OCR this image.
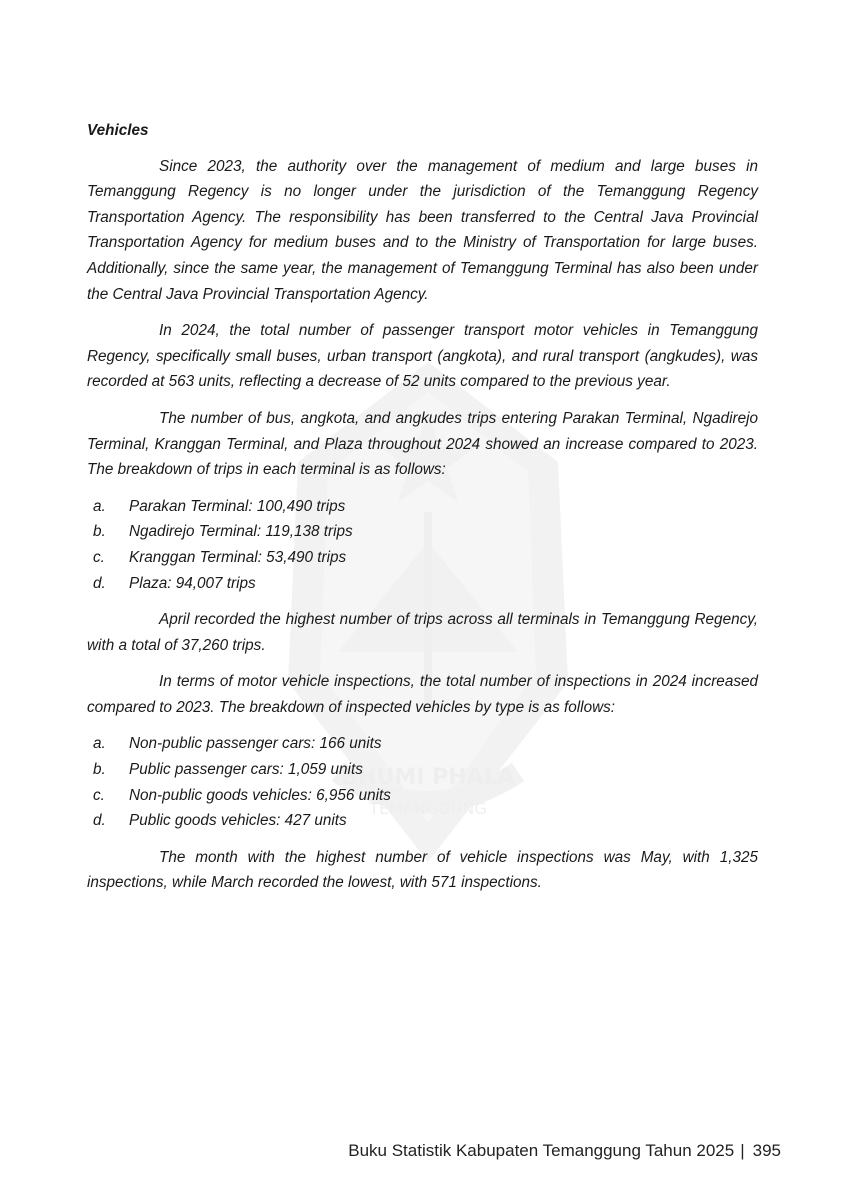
BHUMI PHALA
TEMANGGUNG
Vehicles

Since 2023, the authority over the management of medium and large buses in Temanggung Regency is no longer under the jurisdiction of the Temanggung Regency Transportation Agency. The responsibility has been transferred to the Central Java Provincial Transportation Agency for medium buses and to the Ministry of Transportation for large buses. Additionally, since the same year, the management of Temanggung Terminal has also been under the Central Java Provincial Transportation Agency.

In 2024, the total number of passenger transport motor vehicles in Temanggung Regency, specifically small buses, urban transport (angkota), and rural transport (angkudes), was recorded at 563 units, reflecting a decrease of 52 units compared to the previous year.

The number of bus, angkota, and angkudes trips entering Parakan Terminal, Ngadirejo Terminal, Kranggan Terminal, and Plaza throughout 2024 showed an increase compared to 2023. The breakdown of trips in each terminal is as follows:

a.	Parakan Terminal: 100,490 trips
b.	Ngadirejo Terminal: 119,138 trips
c.	Kranggan Terminal: 53,490 trips
d.	Plaza: 94,007 trips

April recorded the highest number of trips across all terminals in Temanggung Regency, with a total of 37,260 trips.

In terms of motor vehicle inspections, the total number of inspections in 2024 increased compared to 2023. The breakdown of inspected vehicles by type is as follows:

a.	Non-public passenger cars: 166 units
b.	Public passenger cars: 1,059 units
c.	Non-public goods vehicles: 6,956 units
d.	Public goods vehicles: 427 units

The month with the highest number of vehicle inspections was May, with 1,325 inspections, while March recorded the lowest, with 571 inspections.

Buku Statistik Kabupaten Temanggung Tahun 2025 | 395
